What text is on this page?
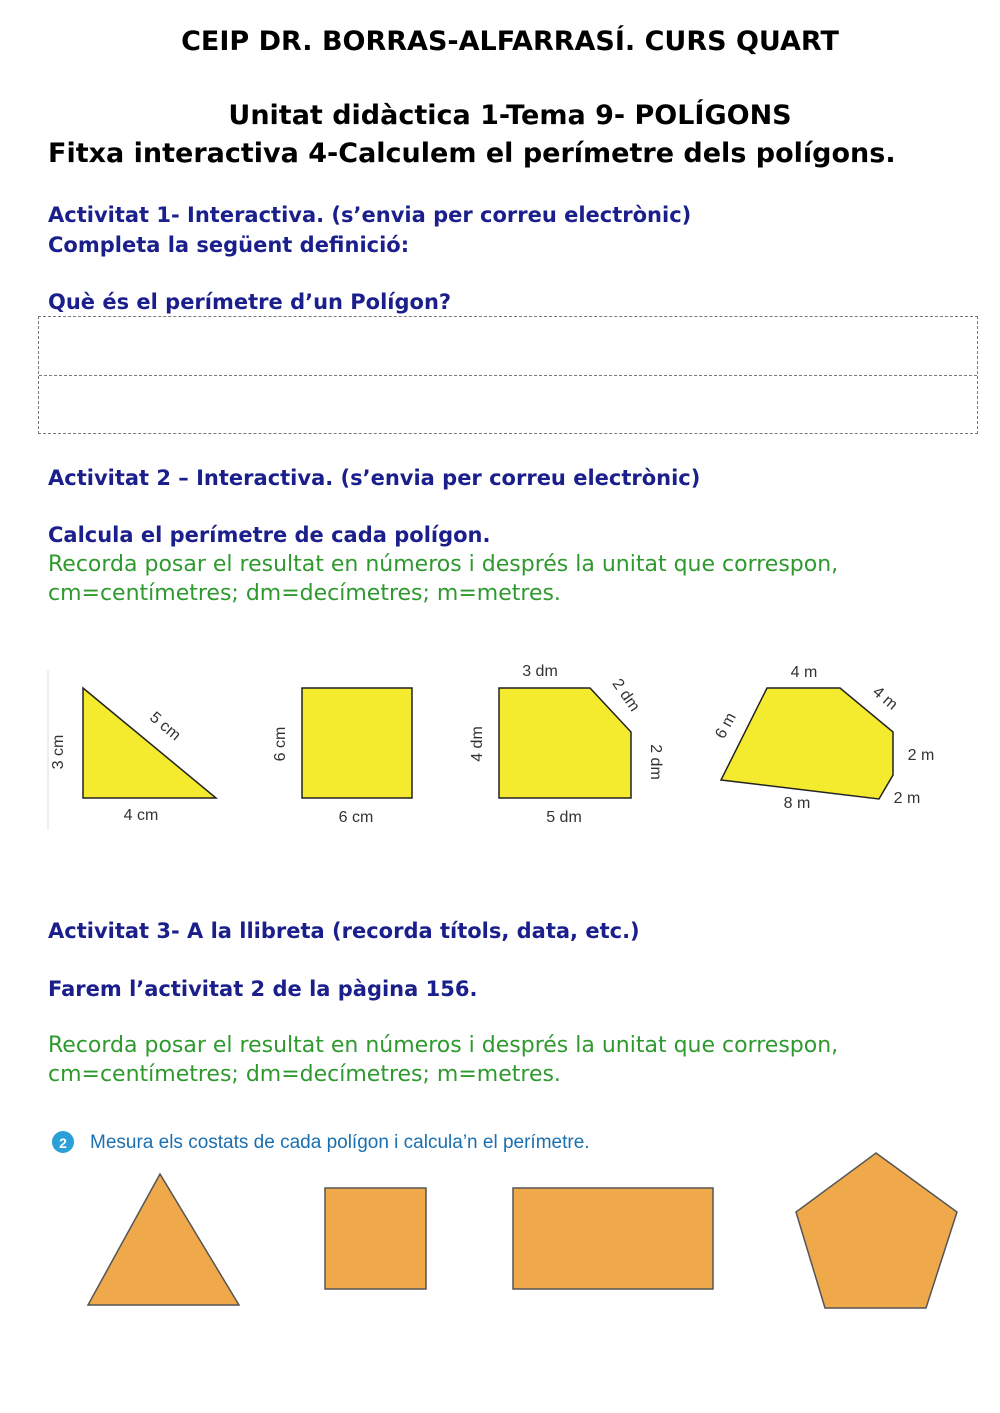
CEIP DR. BORRAS-ALFARRASÍ. CURS QUART

Unitat didàctica 1-Tema 9- POLÍGONS

Fitxa interactiva 4-Calculem el perímetre dels polígons.

Activitat 1- Interactiva. (s’envia per correu electrònic)

Completa la següent definició:

Què és el perímetre d’un Polígon?

Activitat 2 – Interactiva. (s’envia per correu electrònic)

Calcula el perímetre de cada polígon.

Recorda posar el resultat en números i després la unitat que correspon,

cm=centímetres; dm=decímetres; m=metres.

3 cm
5 cm
4 cm
6 cm
6 cm
3 dm
2 dm
2 dm
4 dm
5 dm
4 m
4 m
2 m
2 m
8 m
6 m

Activitat 3- A la llibreta (recorda títols, data, etc.)

Farem l’activitat 2 de la pàgina 156.

Recorda posar el resultat en números i després la unitat que correspon,

cm=centímetres; dm=decímetres; m=metres.

2 Mesura els costats de cada polígon i calcula’n el perímetre.
